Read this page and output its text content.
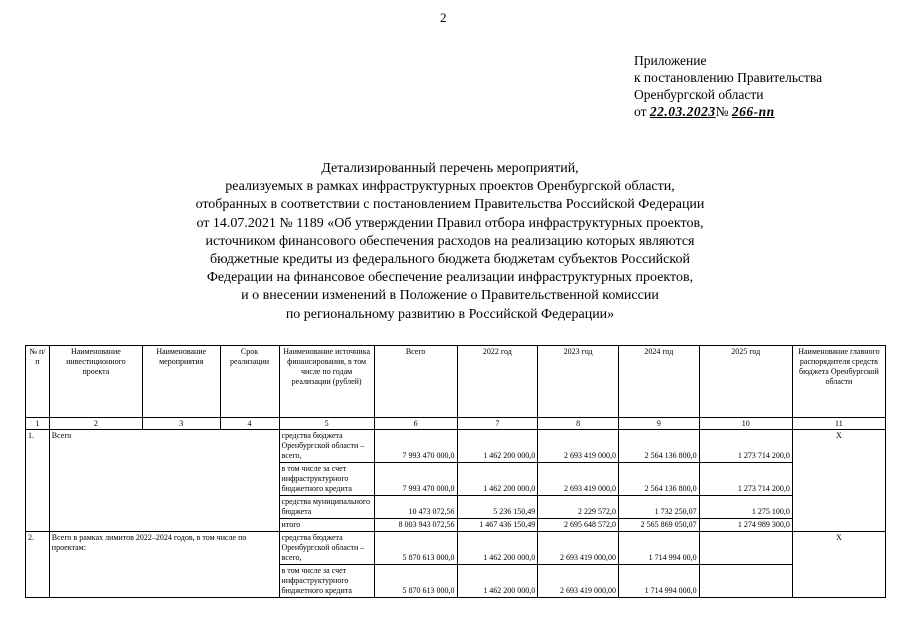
2
Приложение
к постановлению Правительства
Оренбургской области
от 22.03.2023№ 266-пп
Детализированный перечень мероприятий,
реализуемых в рамках инфраструктурных проектов Оренбургской области,
отобранных в соответствии с постановлением Правительства Российской Федерации
от 14.07.2021 № 1189 «Об утверждении Правил отбора инфраструктурных проектов,
источником финансового обеспечения расходов на реализацию которых являются
бюджетные кредиты из федерального бюджета бюджетам субъектов Российской
Федерации на финансовое обеспечение реализации инфраструктурных проектов,
и о внесении изменений в Положение о Правительственной комиссии
по региональному развитию в Российской Федерации»
№ п/п	Наименование инвестиционного проекта	Наименование мероприятия	Срок реализации	Наименование источника финансирования, в том числе по годам реализации (рублей)	Всего	2022 год	2023 год	2024 год	2025 год	Наименование главного распорядителя средств бюджета Оренбургской области
1	2	3	4	5	6	7	8	9	10	11
1.	Всего			средства бюджета Оренбургской области – всего,	7 993 470 000,0	1 462 200 000,0	2 693 419 000,0	2 564 136 800,0	1 273 714 200,0	Х
				в том числе за счет инфраструктурного бюджетного кредита	7 993 470 000,0	1 462 200 000,0	2 693 419 000,0	2 564 136 800,0	1 273 714 200,0	
				средства муниципального бюджета	10 473 072,56	5 236 150,49	2 229 572,0	1 732 250,07	1 275 100,0	
				итого	8 003 943 072,56	1 467 436 150,49	2 695 648 572,0	2 565 869 050,07	1 274 989 300,0	
2.	Всего в рамках лимитов 2022–2024 годов, в том числе по проектам:			средства бюджета Оренбургской области – всего,	5 870 613 000,0	1 462 200 000,0	2 693 419 000,00	1 714 994 00,0		Х
				в том числе за счет инфраструктурного бюджетного кредита	5 870 613 000,0	1 462 200 000,0	2 693 419 000,00	1 714 994 000,0		
